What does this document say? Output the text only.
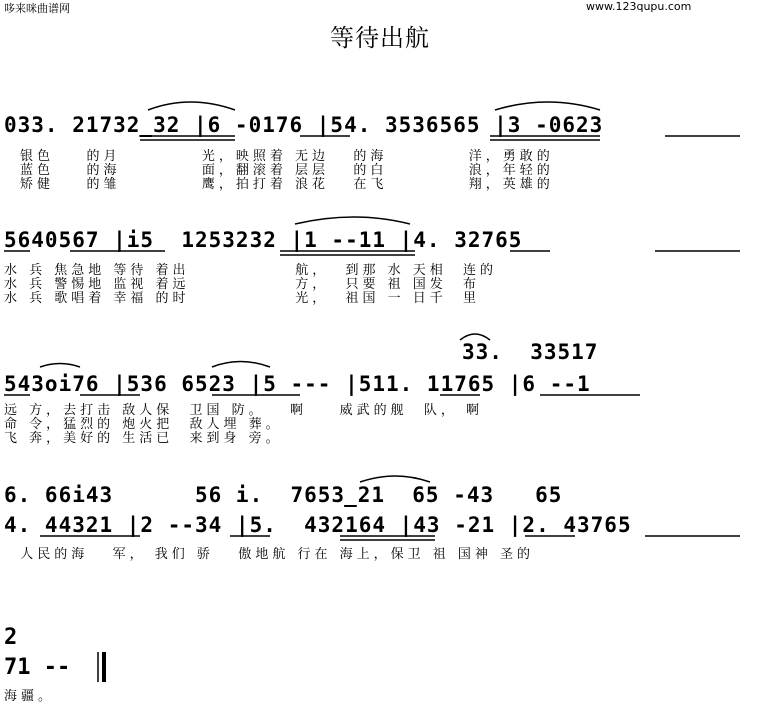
哆来咪曲谱网	www.123qupu.com
等待出航
033. 21732̲32 |6 -0176 |54. 3536565 |3 -0623
银色    的月          光，映照着 无边   的海          洋，勇敢的
蓝色    的海          面，翻滚着 层层   的白          浪，年轻的
矫健    的雏          鹰，拍打着 浪花   在飞          翔，英雄的
5640567 |i5  1253232 |1 --11 |4. 32765
水 兵 焦急地 等待 着出             航，  到那 水 天相  连的
水 兵 警惕地 监视 着远             方，  只要 祖 国发  布
水 兵 歌唱着 幸福 的时             光，  祖国 一 日千  里
33.  33517
543oi76 |536 6523 |5 --- |511. 11765 |6 --1
远 方，去打击 敌人保  卫国 防。   啊    威武的舰  队， 啊
命 令，猛烈的 炮火把  敌人埋 葬。
飞 奔，美好的 生活已  来到身 旁。
6. 66i43      56 i.  7653̲21  65 -43   65
4. 44321 |2 --34 |5.  432164 |43 -21 |2. 43765
人民的海   军， 我们 骄   傲地航 行在 海上，保卫 祖 国神 圣的
2
71 --
海疆。
